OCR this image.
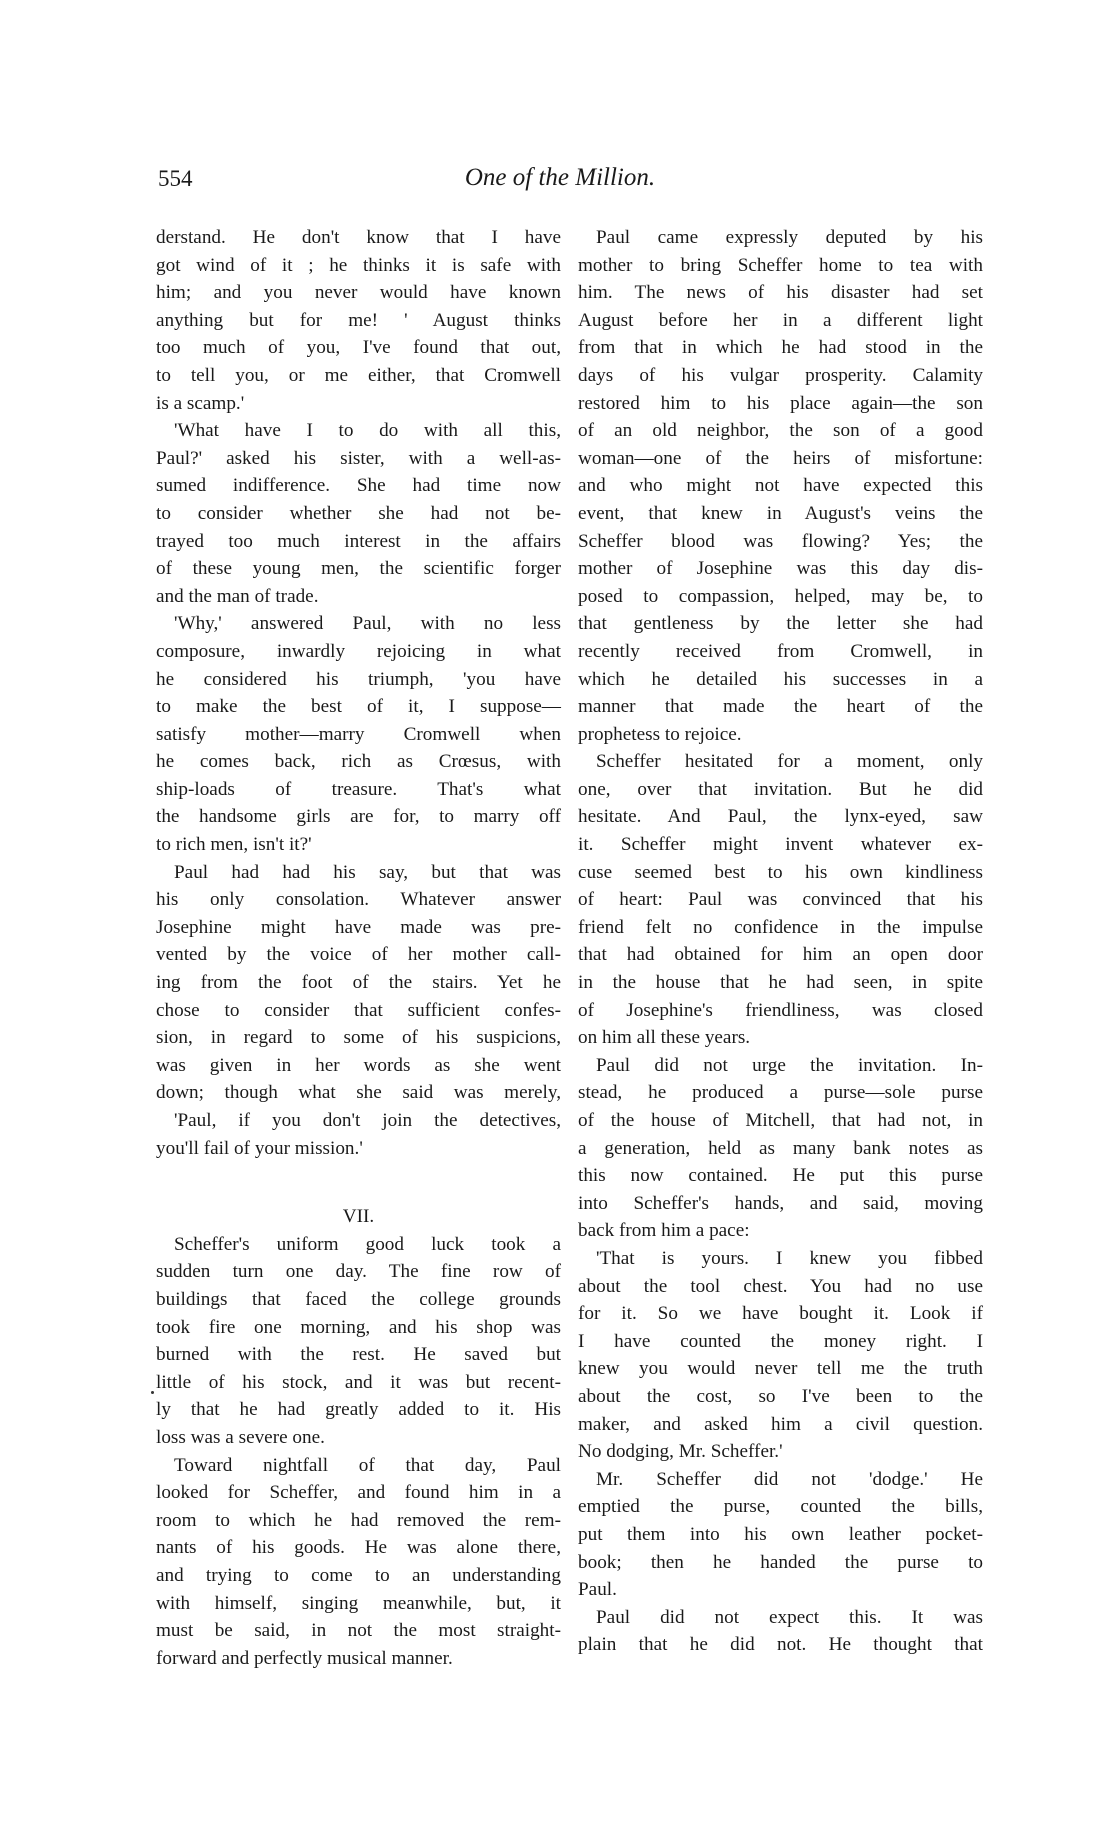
554	One of the Million.
derstand. He don't know that I have
got wind of it ; he thinks it is safe with
him; and you never would have known
anything but for me! ' August thinks
too much of you, I've found that out,
to tell you, or me either, that Cromwell
is a scamp.'
'What have I to do with all this,
Paul?' asked his sister, with a well-as-
sumed indifference. She had time now
to consider whether she had not be-
trayed too much interest in the affairs
of these young men, the scientific forger
and the man of trade.
'Why,' answered Paul, with no less
composure, inwardly rejoicing in what
he considered his triumph, 'you have
to make the best of it, I suppose—
satisfy mother—marry Cromwell when
he comes back, rich as Crœsus, with
ship-loads of treasure. That's what
the handsome girls are for, to marry off
to rich men, isn't it?'
Paul had had his say, but that was
his only consolation. Whatever answer
Josephine might have made was pre-
vented by the voice of her mother call-
ing from the foot of the stairs. Yet he
chose to consider that sufficient confes-
sion, in regard to some of his suspicions,
was given in her words as she went
down; though what she said was merely,
'Paul, if you don't join the detectives,
you'll fail of your mission.'
VII.
Scheffer's uniform good luck took a
sudden turn one day. The fine row of
buildings that faced the college grounds
took fire one morning, and his shop was
burned with the rest. He saved but
little of his stock, and it was but recent-
ly that he had greatly added to it. His
loss was a severe one.
Toward nightfall of that day, Paul
looked for Scheffer, and found him in a
room to which he had removed the rem-
nants of his goods. He was alone there,
and trying to come to an understanding
with himself, singing meanwhile, but, it
must be said, in not the most straight-
forward and perfectly musical manner.
Paul came expressly deputed by his
mother to bring Scheffer home to tea with
him. The news of his disaster had set
August before her in a different light
from that in which he had stood in the
days of his vulgar prosperity. Calamity
restored him to his place again—the son
of an old neighbor, the son of a good
woman—one of the heirs of misfortune:
and who might not have expected this
event, that knew in August's veins the
Scheffer blood was flowing? Yes; the
mother of Josephine was this day dis-
posed to compassion, helped, may be, to
that gentleness by the letter she had
recently received from Cromwell, in
which he detailed his successes in a
manner that made the heart of the
prophetess to rejoice.
Scheffer hesitated for a moment, only
one, over that invitation. But he did
hesitate. And Paul, the lynx-eyed, saw
it. Scheffer might invent whatever ex-
cuse seemed best to his own kindliness
of heart: Paul was convinced that his
friend felt no confidence in the impulse
that had obtained for him an open door
in the house that he had seen, in spite
of Josephine's friendliness, was closed
on him all these years.
Paul did not urge the invitation. In-
stead, he produced a purse—sole purse
of the house of Mitchell, that had not, in
a generation, held as many bank notes as
this now contained. He put this purse
into Scheffer's hands, and said, moving
back from him a pace:
'That is yours. I knew you fibbed
about the tool chest. You had no use
for it. So we have bought it. Look if
I have counted the money right. I
knew you would never tell me the truth
about the cost, so I've been to the
maker, and asked him a civil question.
No dodging, Mr. Scheffer.'
Mr. Scheffer did not 'dodge.' He
emptied the purse, counted the bills,
put them into his own leather pocket-
book; then he handed the purse to
Paul.
Paul did not expect this. It was
plain that he did not. He thought that
